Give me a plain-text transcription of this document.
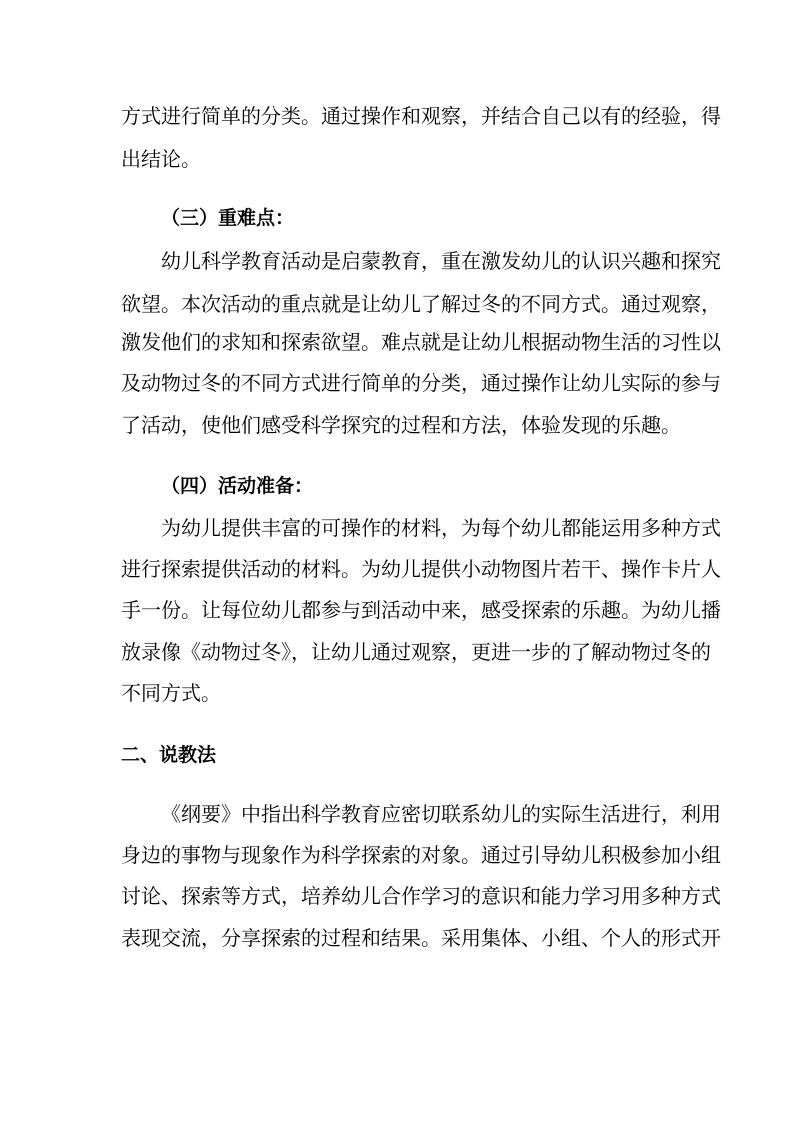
方式进行简单的分类。通过操作和观察，并结合自己以有的经验，得
出结论。
（三）重难点：
幼儿科学教育活动是启蒙教育，重在激发幼儿的认识兴趣和探究
欲望。本次活动的重点就是让幼儿了解过冬的不同方式。通过观察，
激发他们的求知和探索欲望。难点就是让幼儿根据动物生活的习性以
及动物过冬的不同方式进行简单的分类，通过操作让幼儿实际的参与
了活动，使他们感受科学探究的过程和方法，体验发现的乐趣。
（四）活动准备：
为幼儿提供丰富的可操作的材料，为每个幼儿都能运用多种方式
进行探索提供活动的材料。为幼儿提供小动物图片若干、操作卡片人
手一份。让每位幼儿都参与到活动中来，感受探索的乐趣。为幼儿播
放录像《动物过冬》，让幼儿通过观察，更进一步的了解动物过冬的
不同方式。
二、说教法
《纲要》中指出科学教育应密切联系幼儿的实际生活进行，利用
身边的事物与现象作为科学探索的对象。通过引导幼儿积极参加小组
讨论、探索等方式，培养幼儿合作学习的意识和能力学习用多种方式
表现交流，分享探索的过程和结果。采用集体、小组、个人的形式开
